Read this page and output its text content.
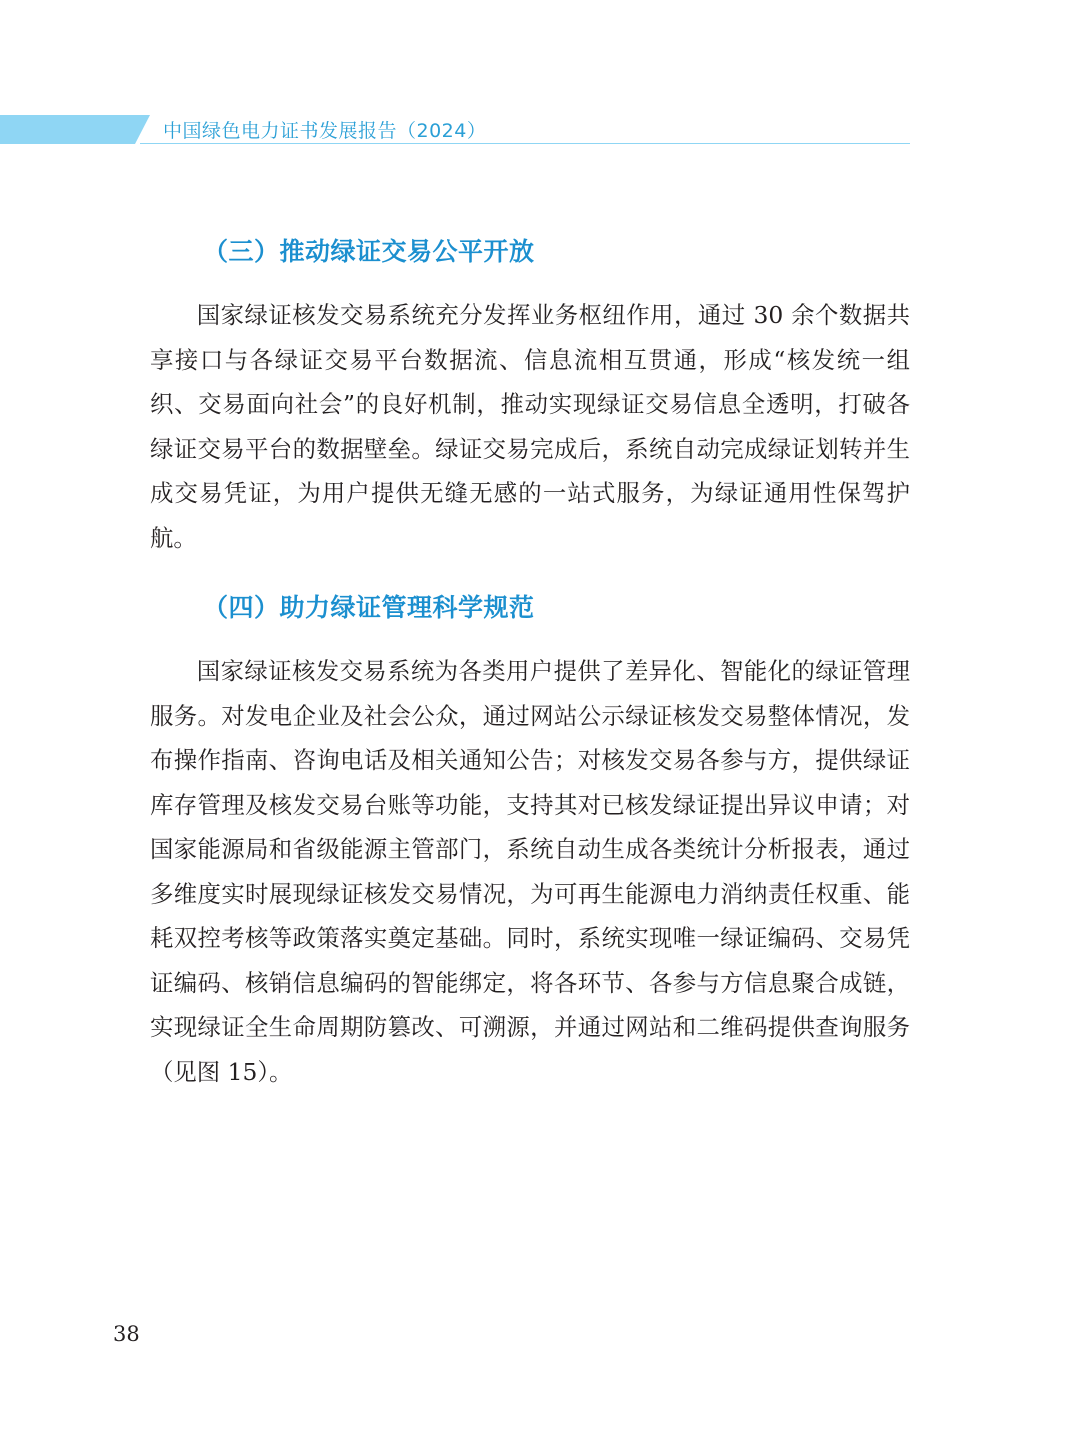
中国绿色电力证书发展报告（2024）
（三）推动绿证交易公平开放

国家绿证核发交易系统充分发挥业务枢纽作用，通过 30 余个数据共享接口与各绿证交易平台数据流、信息流相互贯通，形成“核发统一组织、交易面向社会”的良好机制，推动实现绿证交易信息全透明，打破各绿证交易平台的数据壁垒。绿证交易完成后，系统自动完成绿证划转并生成交易凭证，为用户提供无缝无感的一站式服务，为绿证通用性保驾护航。

（四）助力绿证管理科学规范

国家绿证核发交易系统为各类用户提供了差异化、智能化的绿证管理服务。对发电企业及社会公众，通过网站公示绿证核发交易整体情况，发布操作指南、咨询电话及相关通知公告；对核发交易各参与方，提供绿证库存管理及核发交易台账等功能，支持其对已核发绿证提出异议申请；对国家能源局和省级能源主管部门，系统自动生成各类统计分析报表，通过多维度实时展现绿证核发交易情况，为可再生能源电力消纳责任权重、能耗双控考核等政策落实奠定基础。同时，系统实现唯一绿证编码、交易凭证编码、核销信息编码的智能绑定，将各环节、各参与方信息聚合成链，实现绿证全生命周期防篡改、可溯源，并通过网站和二维码提供查询服务（见图 15）。

38
